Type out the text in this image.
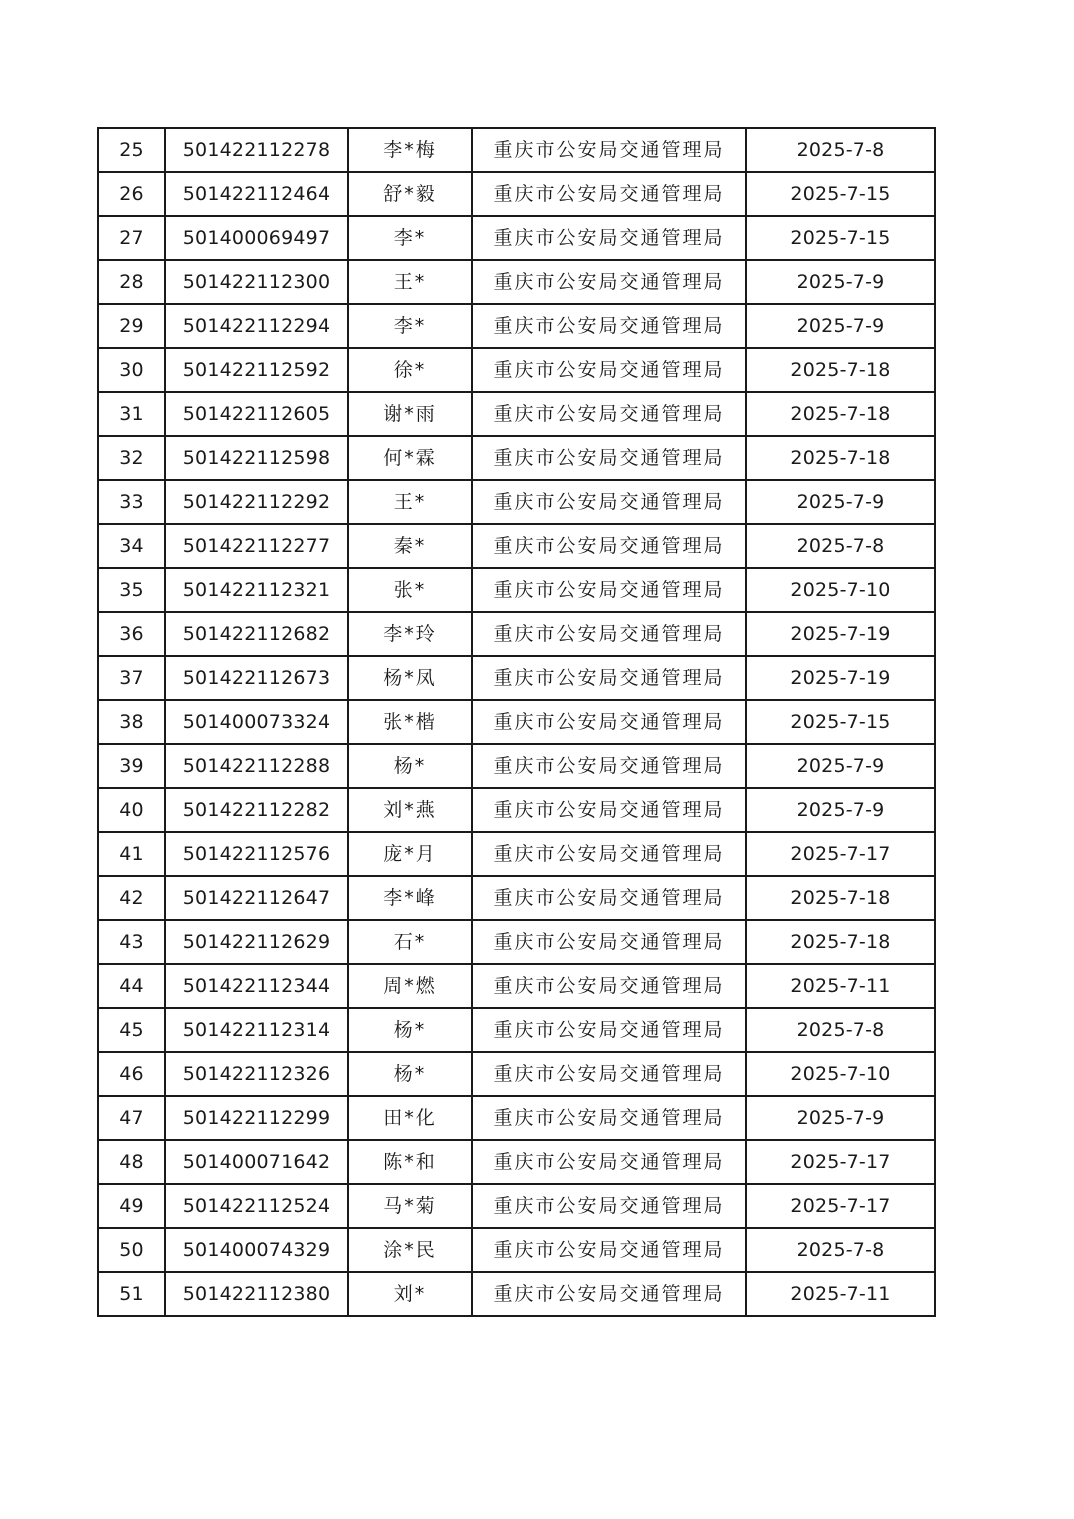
25	501422112278	李*梅	重庆市公安局交通管理局	2025-7-8
26	501422112464	舒*毅	重庆市公安局交通管理局	2025-7-15
27	501400069497	李*	重庆市公安局交通管理局	2025-7-15
28	501422112300	王*	重庆市公安局交通管理局	2025-7-9
29	501422112294	李*	重庆市公安局交通管理局	2025-7-9
30	501422112592	徐*	重庆市公安局交通管理局	2025-7-18
31	501422112605	谢*雨	重庆市公安局交通管理局	2025-7-18
32	501422112598	何*霖	重庆市公安局交通管理局	2025-7-18
33	501422112292	王*	重庆市公安局交通管理局	2025-7-9
34	501422112277	秦*	重庆市公安局交通管理局	2025-7-8
35	501422112321	张*	重庆市公安局交通管理局	2025-7-10
36	501422112682	李*玲	重庆市公安局交通管理局	2025-7-19
37	501422112673	杨*凤	重庆市公安局交通管理局	2025-7-19
38	501400073324	张*楷	重庆市公安局交通管理局	2025-7-15
39	501422112288	杨*	重庆市公安局交通管理局	2025-7-9
40	501422112282	刘*燕	重庆市公安局交通管理局	2025-7-9
41	501422112576	庞*月	重庆市公安局交通管理局	2025-7-17
42	501422112647	李*峰	重庆市公安局交通管理局	2025-7-18
43	501422112629	石*	重庆市公安局交通管理局	2025-7-18
44	501422112344	周*燃	重庆市公安局交通管理局	2025-7-11
45	501422112314	杨*	重庆市公安局交通管理局	2025-7-8
46	501422112326	杨*	重庆市公安局交通管理局	2025-7-10
47	501422112299	田*化	重庆市公安局交通管理局	2025-7-9
48	501400071642	陈*和	重庆市公安局交通管理局	2025-7-17
49	501422112524	马*菊	重庆市公安局交通管理局	2025-7-17
50	501400074329	涂*民	重庆市公安局交通管理局	2025-7-8
51	501422112380	刘*	重庆市公安局交通管理局	2025-7-11
